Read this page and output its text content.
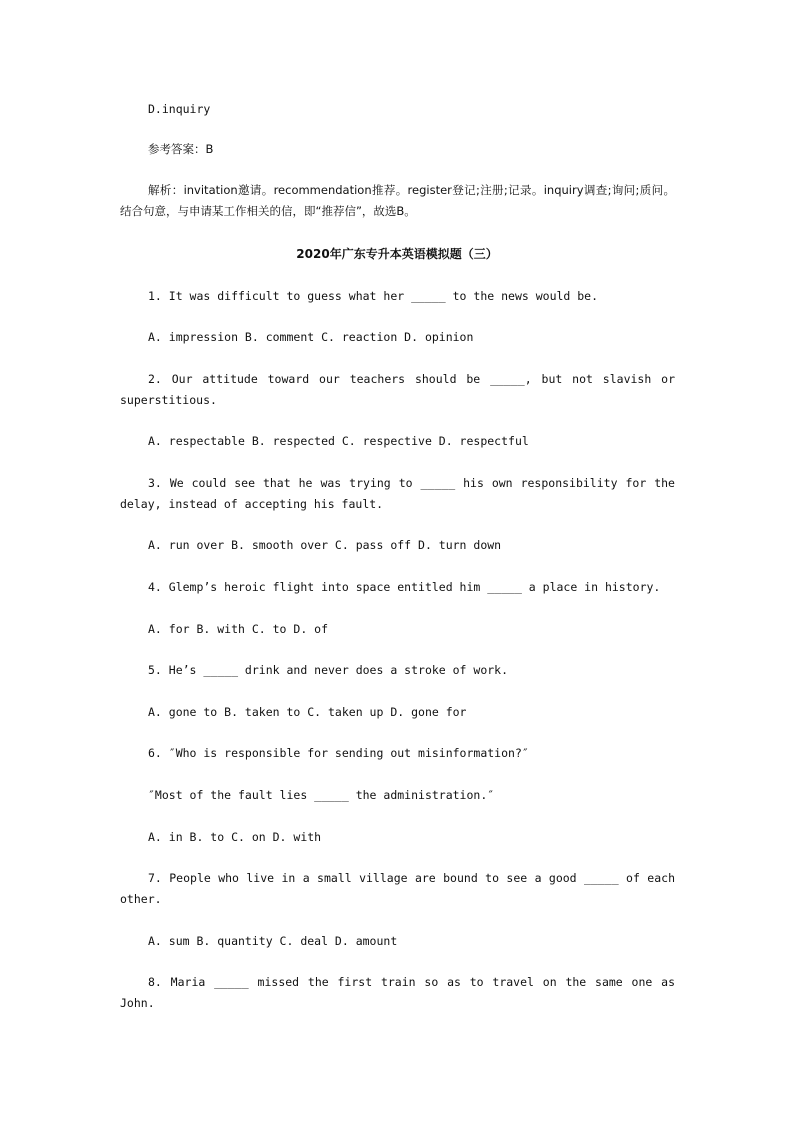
D.inquiry
参考答案：B
解析：invitation邀请。recommendation推荐。register登记;注册;记录。inquiry调查;询问;质问。结合句意，与申请某工作相关的信，即“推荐信”，故选B。
2020年广东专升本英语模拟题（三）
1. It was difficult to guess what her _____ to the news would be.
A. impression B. comment C. reaction D. opinion
2. Our attitude toward our teachers should be _____, but not slavish or superstitious.
A. respectable B. respected C. respective D. respectful
3. We could see that he was trying to _____ his own responsibility for the delay, instead of accepting his fault.
A. run over B. smooth over C. pass off D. turn down
4. Glemp’s heroic flight into space entitled him _____ a place in history.
A. for B. with C. to D. of
5. He’s _____ drink and never does a stroke of work.
A. gone to B. taken to C. taken up D. gone for
6. ″Who is responsible for sending out misinformation?″
″Most of the fault lies _____ the administration.″
A. in B. to C. on D. with
7. People who live in a small village are bound to see a good _____ of each other.
A. sum B. quantity C. deal D. amount
8. Maria _____ missed the first train so as to travel on the same one as John.
